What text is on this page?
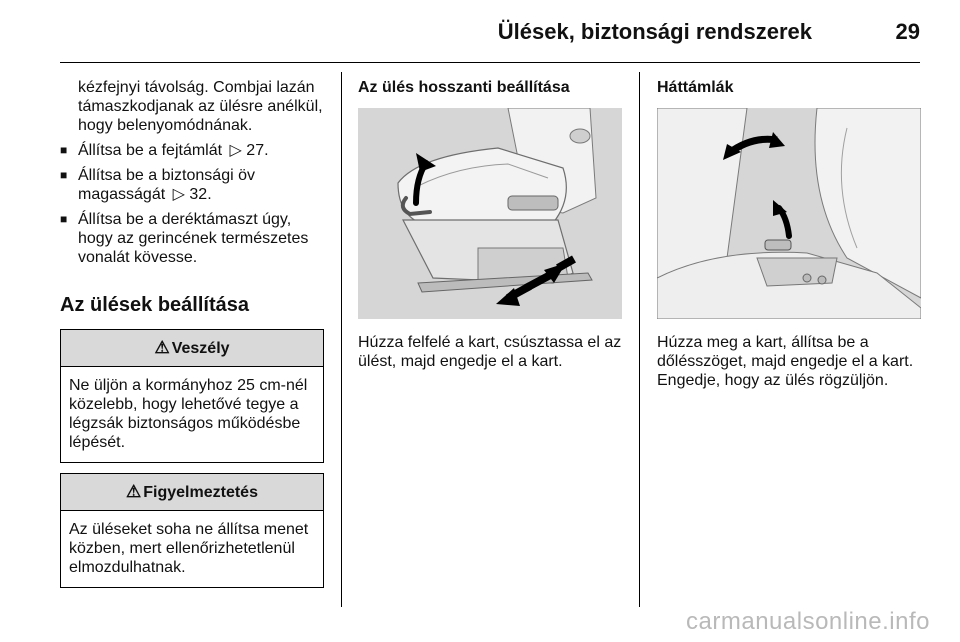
Ülések, biztonsági rendszerek	29

kézfejnyi távolság. Combjai lazán támaszkodjanak az ülésre anélkül, hogy belenyomódnának.

■ Állítsa be a fejtámlát ▷ 27.
■ Állítsa be a biztonsági öv magasságát ▷ 32.
■ Állítsa be a deréktámaszt úgy, hogy az gerincének természetes vonalát kövesse.
Az ülések beállítása
⚠ Veszély
Ne üljön a kormányhoz 25 cm-nél közelebb, hogy lehetővé tegye a légzsák biztonságos működésbe lépését.
⚠ Figyelmeztetés
Az üléseket soha ne állítsa menet közben, mert ellenőrizhetetlenül elmozdulhatnak.
Az ülés hosszanti beállítása

Húzza felfelé a kart, csúsztassa el az ülést, majd engedje el a kart.

Háttámlák

Húzza meg a kart, állítsa be a dőlésszöget, majd engedje el a kart. Engedje, hogy az ülés rögzüljön.

carmanualsonline.info
